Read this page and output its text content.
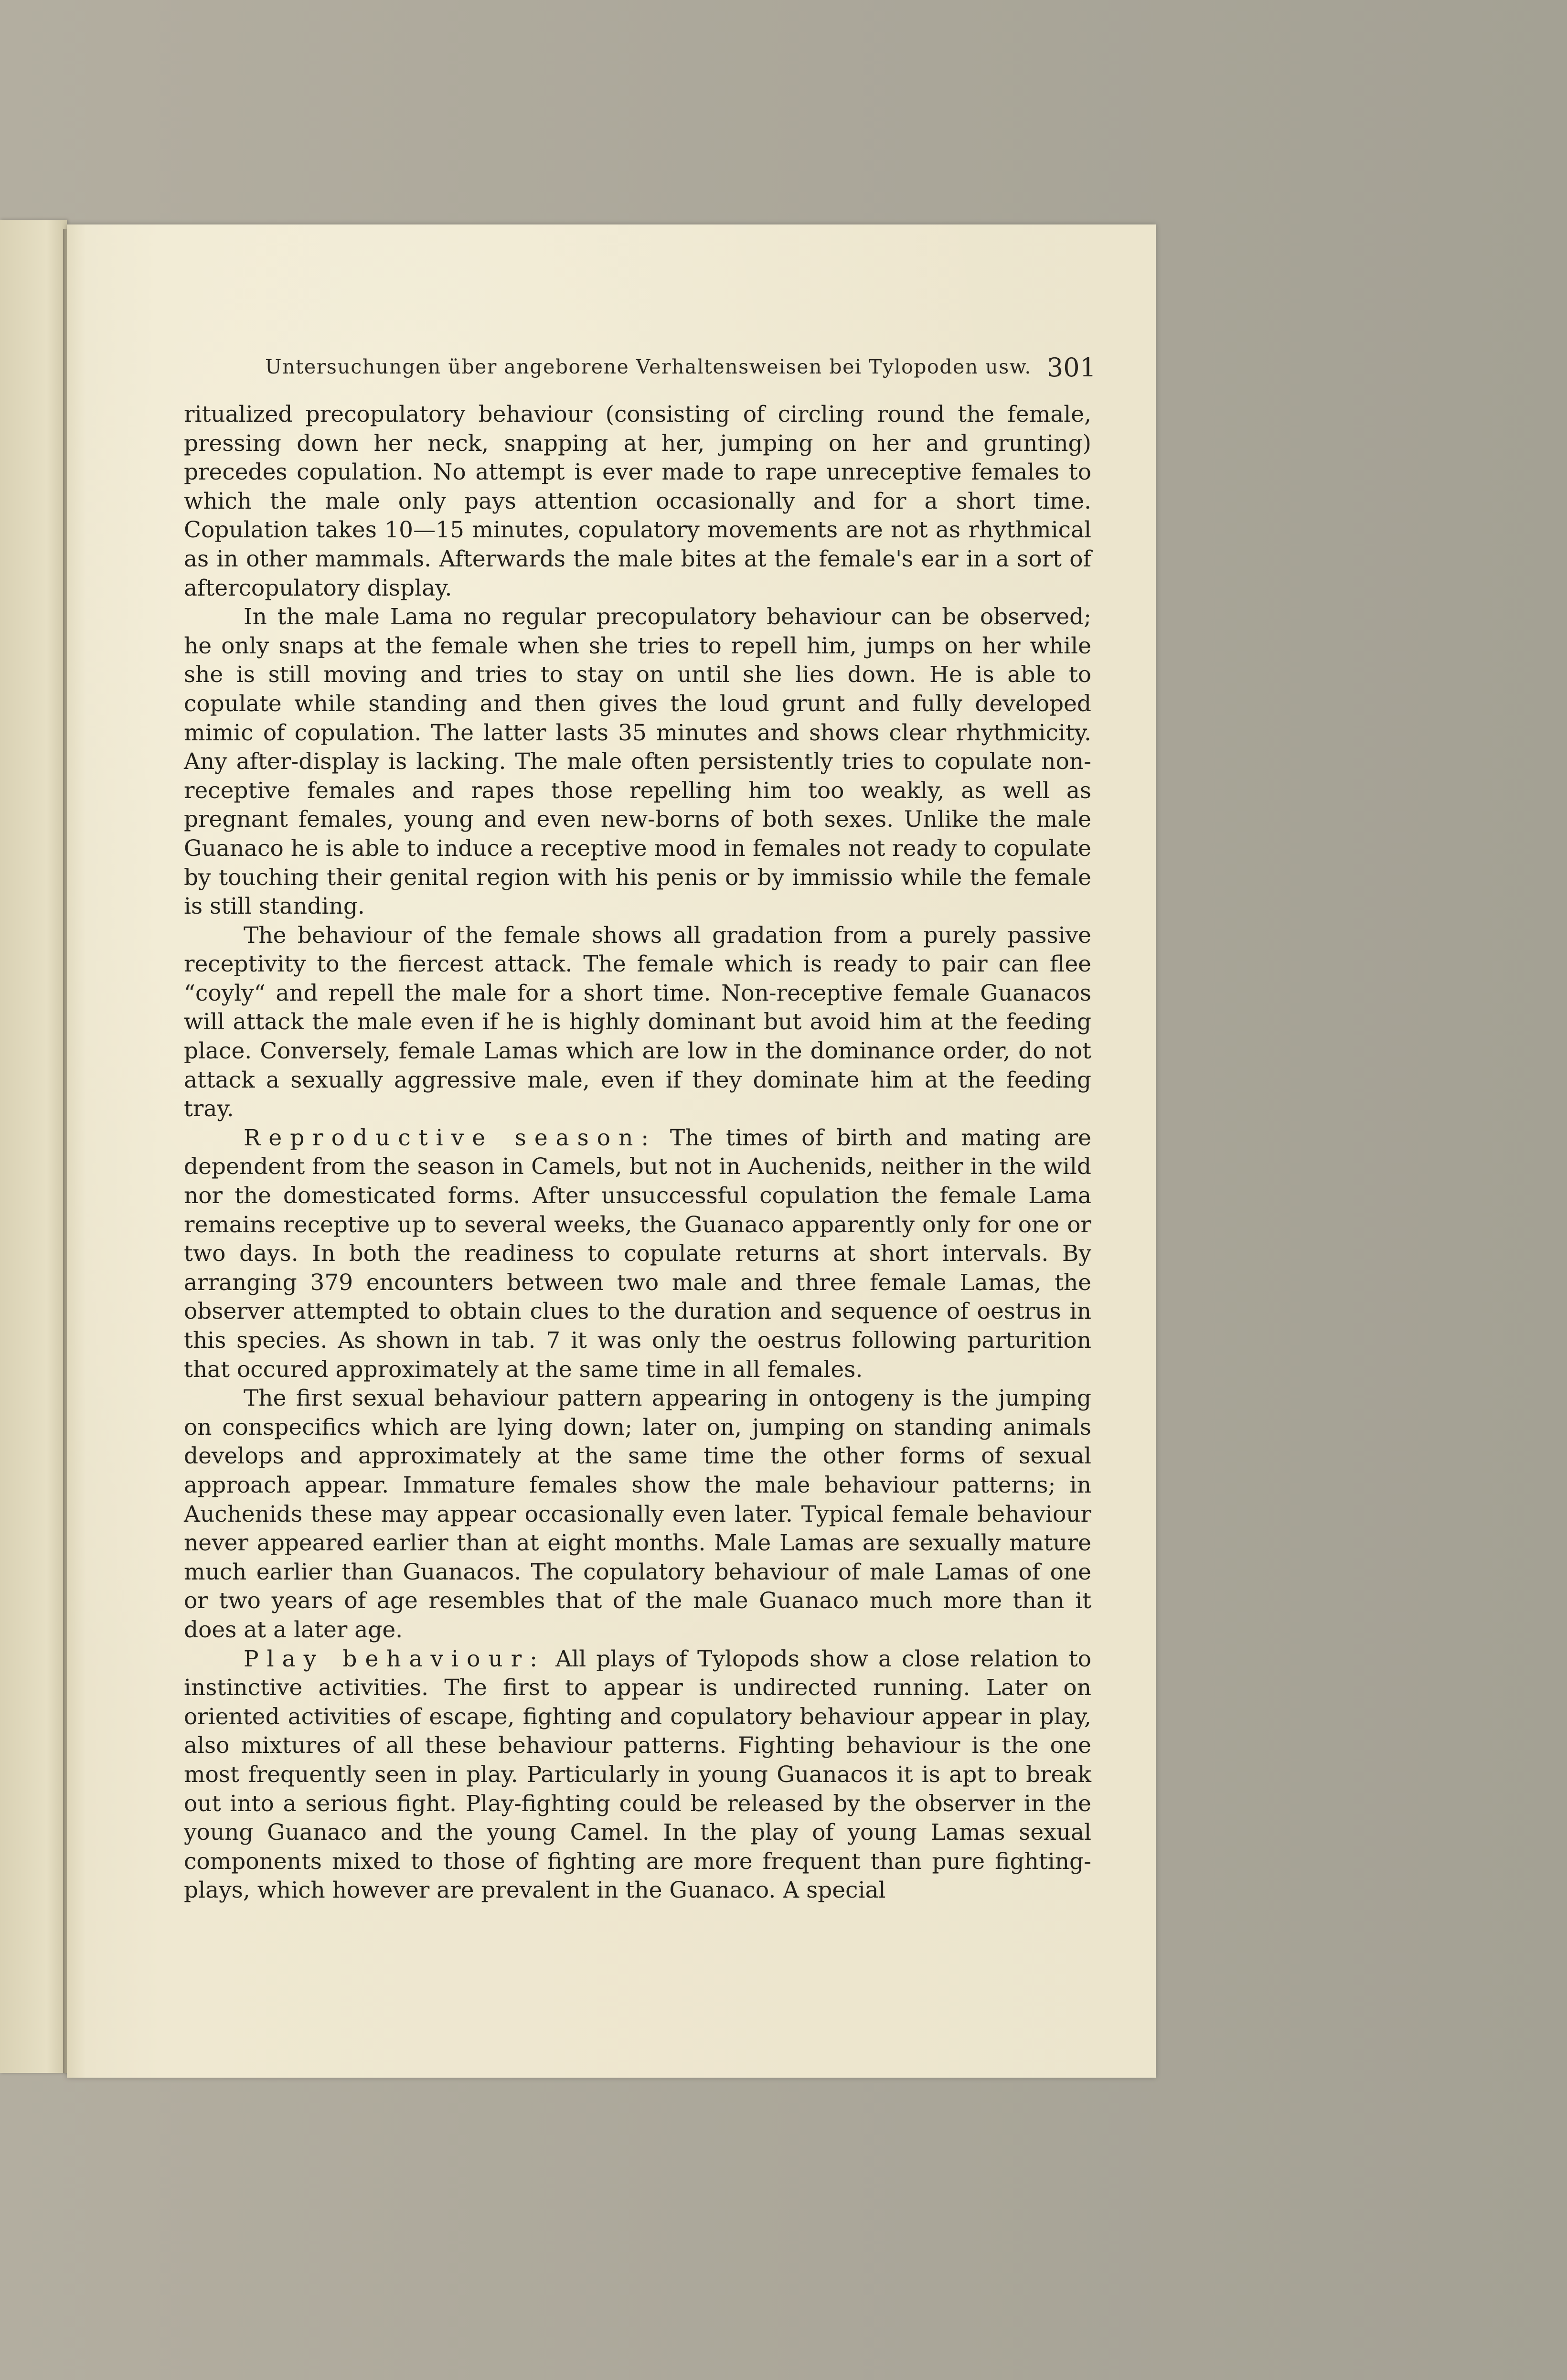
Untersuchungen über angeborene Verhaltensweisen bei Tylopoden usw. 301

ritualized precopulatory behaviour (consisting of circling round the female, pressing down her neck, snapping at her, jumping on her and grunting) precedes copulation. No attempt is ever made to rape unreceptive females to which the male only pays attention occasionally and for a short time. Copulation takes 10—15 minutes, copulatory movements are not as rhythmical as in other mammals. Afterwards the male bites at the female's ear in a sort of aftercopulatory display.

In the male Lama no regular precopulatory behaviour can be observed; he only snaps at the female when she tries to repell him, jumps on her while she is still moving and tries to stay on until she lies down. He is able to copulate while standing and then gives the loud grunt and fully developed mimic of copulation. The latter lasts 35 minutes and shows clear rhythmicity. Any after-display is lacking. The male often persistently tries to copulate non-receptive females and rapes those repelling him too weakly, as well as pregnant females, young and even new-borns of both sexes. Unlike the male Guanaco he is able to induce a receptive mood in females not ready to copulate by touching their genital region with his penis or by immissio while the female is still standing.

The behaviour of the female shows all gradation from a purely passive receptivity to the fiercest attack. The female which is ready to pair can flee “coyly“ and repell the male for a short time. Non-receptive female Guanacos will attack the male even if he is highly dominant but avoid him at the feeding place. Conversely, female Lamas which are low in the dominance order, do not attack a sexually aggressive male, even if they dominate him at the feeding tray.

Reproductive season: The times of birth and mating are dependent from the season in Camels, but not in Auchenids, neither in the wild nor the domesticated forms. After unsuccessful copulation the female Lama remains receptive up to several weeks, the Guanaco apparently only for one or two days. In both the readiness to copulate returns at short intervals. By arranging 379 encounters between two male and three female Lamas, the observer attempted to obtain clues to the duration and sequence of oestrus in this species. As shown in tab. 7 it was only the oestrus following parturition that occured approximately at the same time in all females.

The first sexual behaviour pattern appearing in ontogeny is the jumping on conspecifics which are lying down; later on, jumping on standing animals develops and approximately at the same time the other forms of sexual approach appear. Immature females show the male behaviour patterns; in Auchenids these may appear occasionally even later. Typical female behaviour never appeared earlier than at eight months. Male Lamas are sexually mature much earlier than Guanacos. The copulatory behaviour of male Lamas of one or two years of age resembles that of the male Guanaco much more than it does at a later age.

Play behaviour: All plays of Tylopods show a close relation to instinctive activities. The first to appear is undirected running. Later on oriented activities of escape, fighting and copulatory behaviour appear in play, also mixtures of all these behaviour patterns. Fighting behaviour is the one most frequently seen in play. Particularly in young Guanacos it is apt to break out into a serious fight. Play-fighting could be released by the observer in the young Guanaco and the young Camel. In the play of young Lamas sexual components mixed to those of fighting are more frequent than pure fighting-plays, which however are prevalent in the Guanaco. A special
